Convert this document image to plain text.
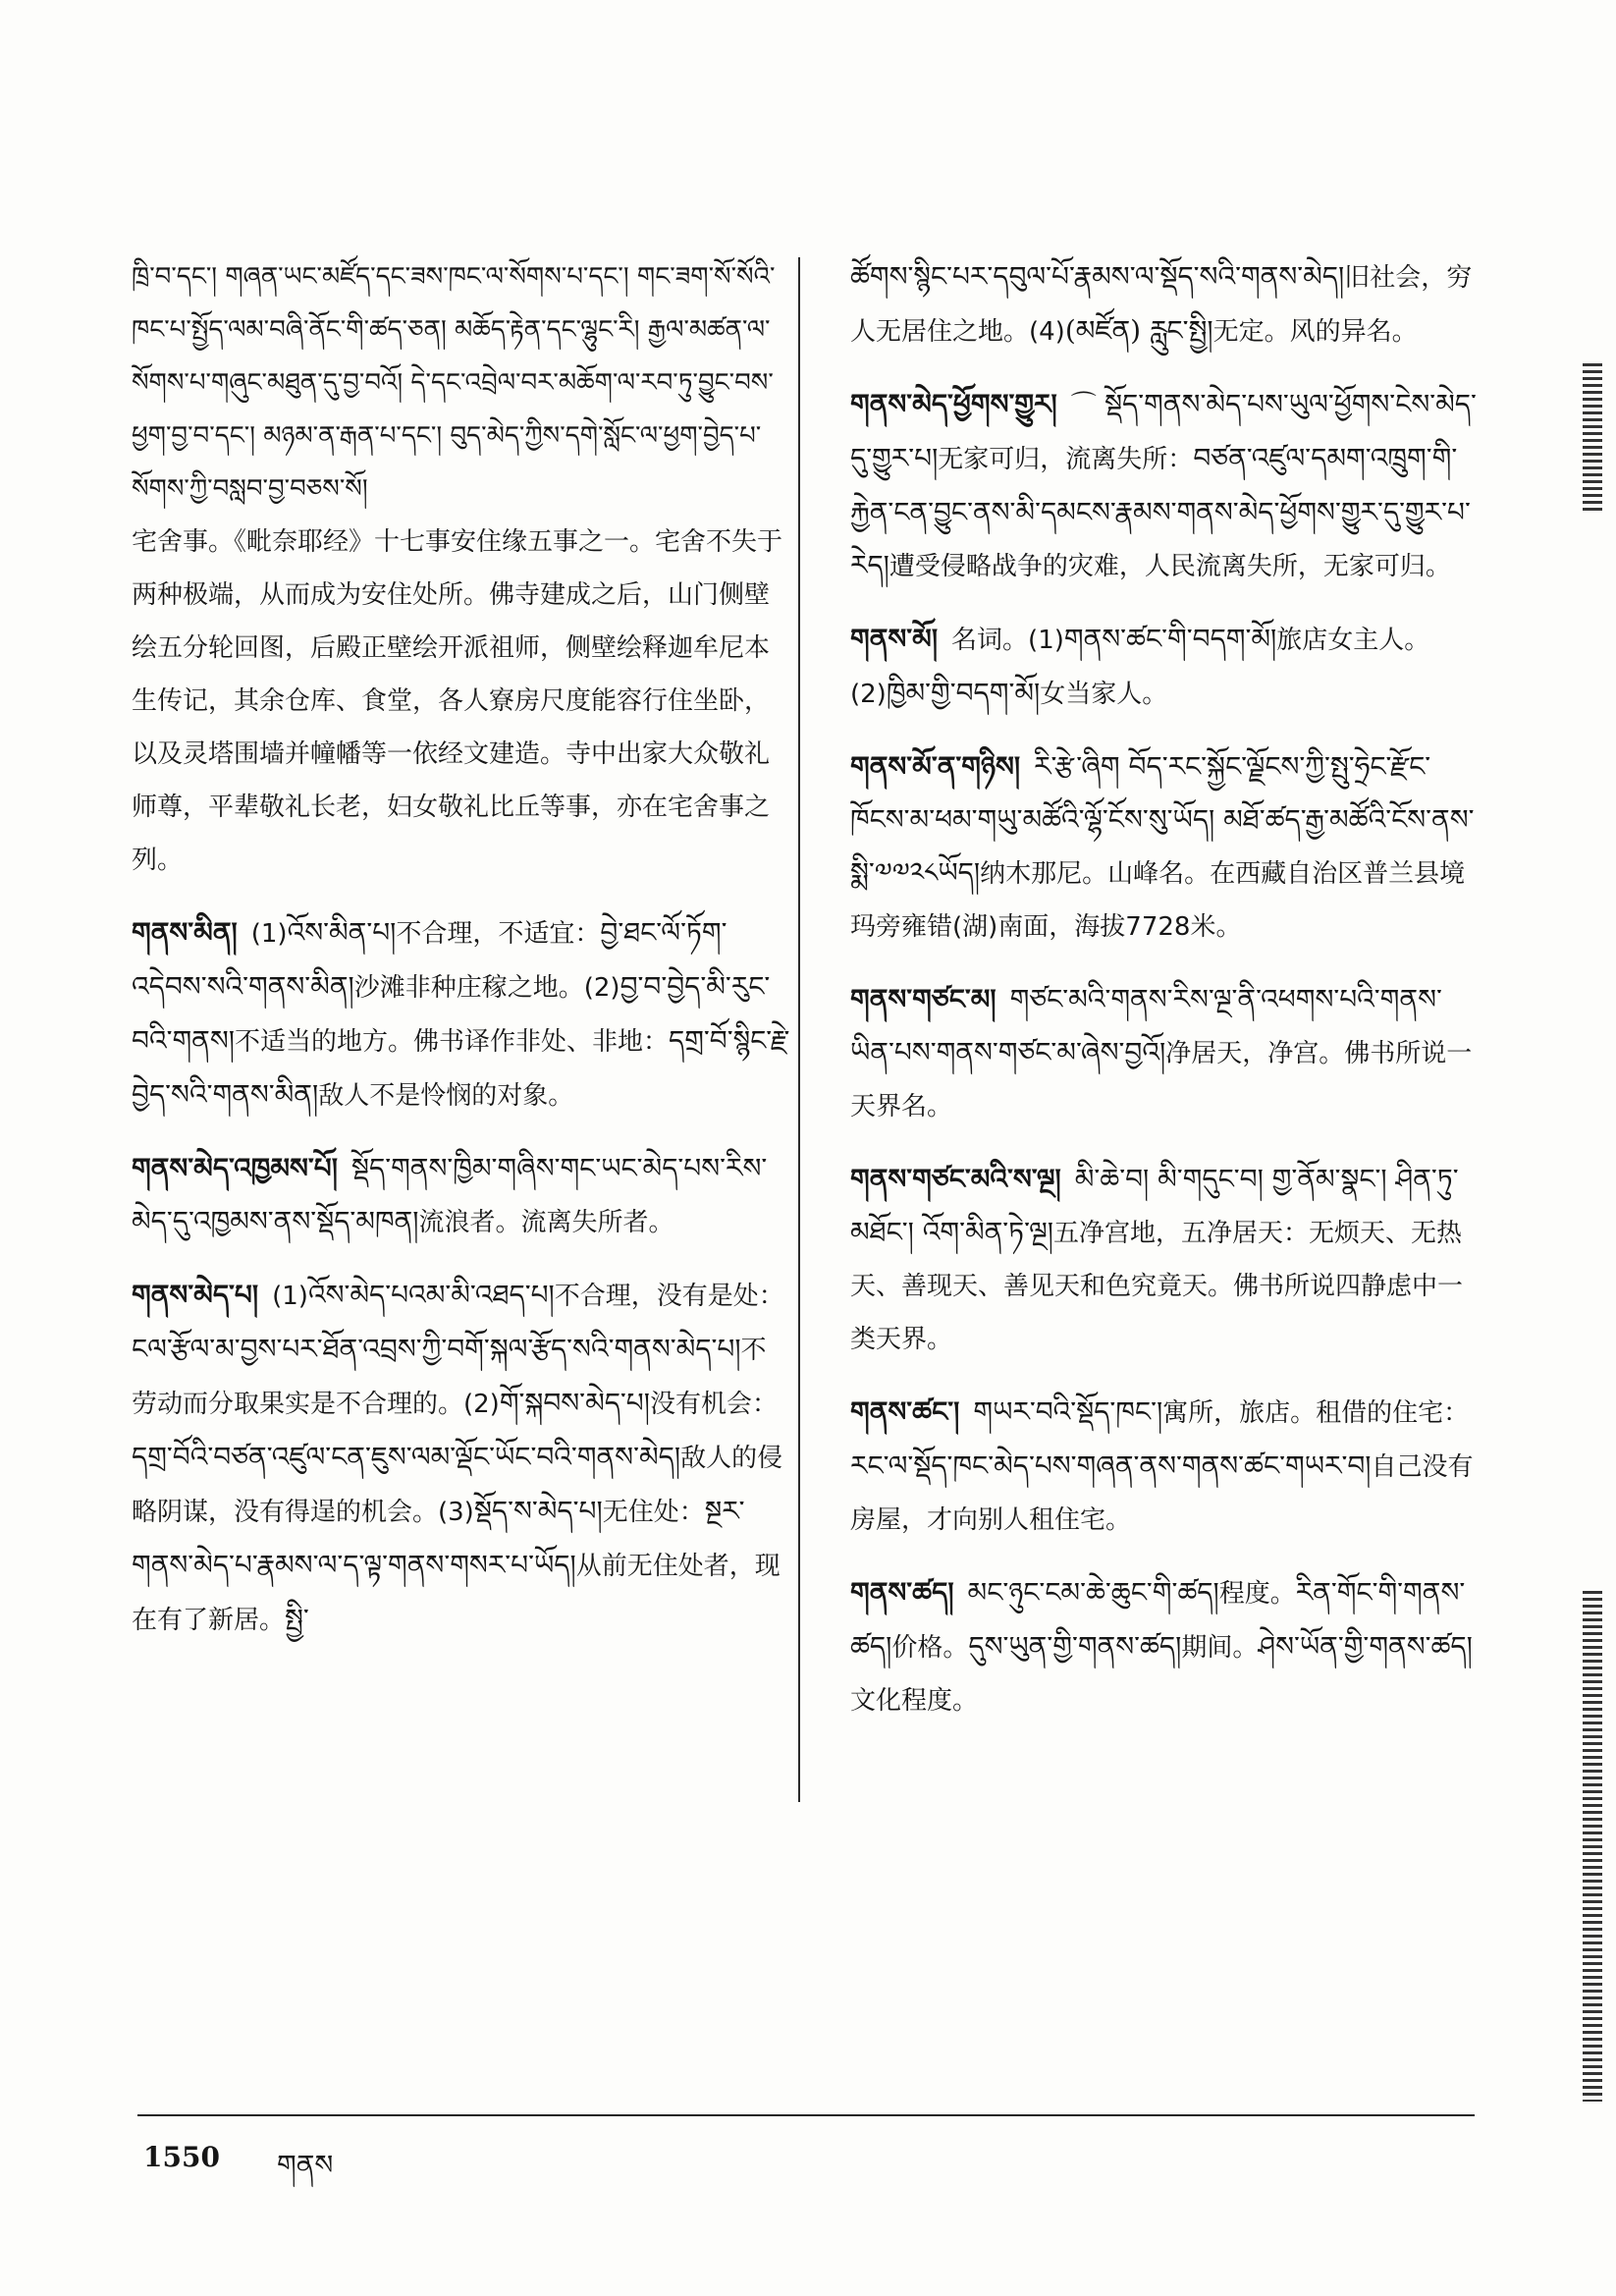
ཁྲི་བ་དང་། གཞན་ཡང་མཛོད་དང་ཟས་ཁང་ལ་སོགས་པ་དང་། གང་ཟག་སོ་སོའི་ཁང་པ་སྤྱོད་ལམ་བཞི་ནོང་གི་ཚད་ཅན། མཆོད་རྟེན་དང་ལྷུང་རི། རྒྱལ་མཚན་ལ་སོགས་པ་གཞུང་མཐུན་དུ་བྱ་བའོ། དེ་དང་འབྲེལ་བར་མཆོག་ལ་རབ་ཏུ་བྱུང་བས་ཕྱག་བྱ་བ་དང་། མཉམ་ན་རྒན་པ་དང་། བུད་མེད་ཀྱིས་དགེ་སློང་ལ་ཕྱག་བྱེད་པ་སོགས་ཀྱི་བསླབ་བྱ་བཅས་སོ།
宅舍事。《毗奈耶经》十七事安住缘五事之一。宅舍不失于两种极端，从而成为安住处所。佛寺建成之后，山门侧壁绘五分轮回图，后殿正壁绘开派祖师，侧壁绘释迦牟尼本生传记，其余仓库、食堂，各人寮房尺度能容行住坐卧，以及灵塔围墙并幢幡等一依经文建造。寺中出家大众敬礼师尊，平辈敬礼长老，妇女敬礼比丘等事，亦在宅舍事之列。
གནས་མིན། (1)འོས་མིན་པ།不合理，不适宜：བྱེ་ཐང་ལོ་ཏོག་འདེབས་སའི་གནས་མིན།沙滩非种庄稼之地。(2)བྱ་བ་བྱེད་མི་རུང་བའི་གནས།不适当的地方。佛书译作非处、非地：དགྲ་བོ་སྙིང་རྗེ་བྱེད་སའི་གནས་མིན།敌人不是怜悯的对象。
གནས་མེད་འཁྱམས་པོ། སྡོད་གནས་ཁྱིམ་གཞིས་གང་ཡང་མེད་པས་རིས་མེད་དུ་འཁྱམས་ནས་སྡོད་མཁན།流浪者。流离失所者。
གནས་མེད་པ། (1)འོས་མེད་པའམ་མི་འཐད་པ།不合理，没有是处：ངལ་རྩོལ་མ་བྱས་པར་ཐོན་འབྲས་ཀྱི་བགོ་སྐལ་རྩོད་སའི་གནས་མེད་པ།不劳动而分取果实是不合理的。(2)གོ་སྐབས་མེད་པ།没有机会：དགྲ་བོའི་བཙན་འཛུལ་ངན་ཇུས་ལམ་ལྡོང་ཡོང་བའི་གནས་མེད།敌人的侵略阴谋，没有得逞的机会。(3)སྡོད་ས་མེད་པ།无住处：སྔར་གནས་མེད་པ་རྣམས་ལ་ད་ལྟ་གནས་གསར་པ་ཡོད།从前无住处者，现在有了新居。སྤྱི་
ཚོགས་སྙིང་པར་དབུལ་པོ་རྣམས་ལ་སྡོད་སའི་གནས་མེད།旧社会，穷人无居住之地。(4)(མཛོན) རླུང་སྤྱི།无定。风的异名。
གནས་མེད་ཕྱོགས་གྱུར། ⌒ སྡོད་གནས་མེད་པས་ཡུལ་ཕྱོགས་ངེས་མེད་དུ་གྱུར་པ།无家可归，流离失所：བཙན་འཛུལ་དམག་འཁྲུག་གི་རྐྱེན་ངན་བྱུང་ནས་མི་དམངས་རྣམས་གནས་མེད་ཕྱོགས་གྱུར་དུ་གྱུར་པ་རེད།遭受侵略战争的灾难，人民流离失所，无家可归。
གནས་མོ། 名词。(1)གནས་ཚང་གི་བདག་མོ།旅店女主人。(2)ཁྱིམ་གྱི་བདག་མོ།女当家人。
གནས་མོ་ན་གཉིས། རི་རྩེ་ཞིག བོད་རང་སྐྱོང་ལྗོངས་ཀྱི་སྤུ་ཧྲེང་རྫོང་ཁོངས་མ་ཕམ་གཡུ་མཚོའི་ལྷོ་ངོས་སུ་ཡོད། མཐོ་ཚད་རྒྱ་མཚོའི་ངོས་ནས་སྨི་༧༧༢༨ཡོད།纳木那尼。山峰名。在西藏自治区普兰县境玛旁雍错(湖)南面，海拔7728米。
གནས་གཙང་མ། གཙང་མའི་གནས་རིས་ལྔ་ནི་འཕགས་པའི་གནས་ཡིན་པས་གནས་གཙང་མ་ཞེས་བྱའོ།净居天，净宫。佛书所说一天界名。
གནས་གཙང་མའི་ས་ལྔ། མི་ཆེ་བ། མི་གདུང་བ། གྱ་ནོམ་སྣང་། ཤིན་ཏུ་མཐོང་། འོག་མིན་ཏེ་ལྔ།五净宫地，五净居天：无烦天、无热天、善现天、善见天和色究竟天。佛书所说四静虑中一类天界。
གནས་ཚང་། གཡར་བའི་སྡོད་ཁང་།寓所，旅店。租借的住宅：རང་ལ་སྡོད་ཁང་མེད་པས་གཞན་ནས་གནས་ཚང་གཡར་བ།自己没有房屋，才向别人租住宅。
གནས་ཚད། མང་ཉུང་ངམ་ཆེ་ཆུང་གི་ཚད།程度。རིན་གོང་གི་གནས་ཚད།价格。དུས་ཡུན་གྱི་གནས་ཚད།期间。ཤེས་ཡོན་གྱི་གནས་ཚད།文化程度。
1550 གནས
